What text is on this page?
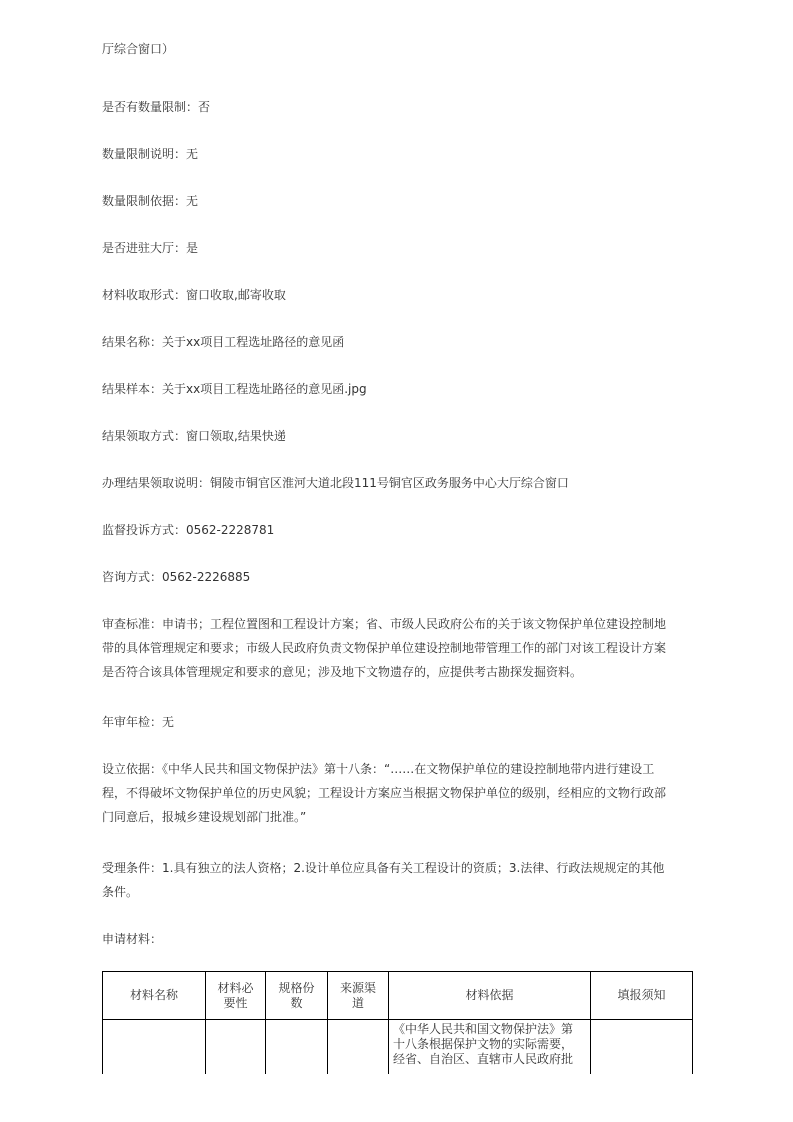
厅综合窗口）
是否有数量限制：否
数量限制说明：无
数量限制依据：无
是否进驻大厅：是
材料收取形式：窗口收取,邮寄收取
结果名称：关于xx项目工程选址路径的意见函
结果样本：关于xx项目工程选址路径的意见函.jpg
结果领取方式：窗口领取,结果快递
办理结果领取说明：铜陵市铜官区淮河大道北段111号铜官区政务服务中心大厅综合窗口
监督投诉方式：0562-2228781
咨询方式：0562-2226885
审查标准：申请书；工程位置图和工程设计方案；省、市级人民政府公布的关于该文物保护单位建设控制地
带的具体管理规定和要求；市级人民政府负责文物保护单位建设控制地带管理工作的部门对该工程设计方案
是否符合该具体管理规定和要求的意见；涉及地下文物遗存的，应提供考古勘探发掘资料。
年审年检：无
设立依据：《中华人民共和国文物保护法》第十八条：“……在文物保护单位的建设控制地带内进行建设工
程，不得破坏文物保护单位的历史风貌；工程设计方案应当根据文物保护单位的级别，经相应的文物行政部
门同意后，报城乡建设规划部门批准。”
受理条件：1.具有独立的法人资格；2.设计单位应具备有关工程设计的资质；3.法律、行政法规规定的其他
条件。
申请材料：
材料名称	材料必
要性	规格份
数	来源渠
道	材料依据	填报须知

				《中华人民共和国文物保护法》第
十八条根据保护文物的实际需要，
经省、自治区、直辖市人民政府批	
